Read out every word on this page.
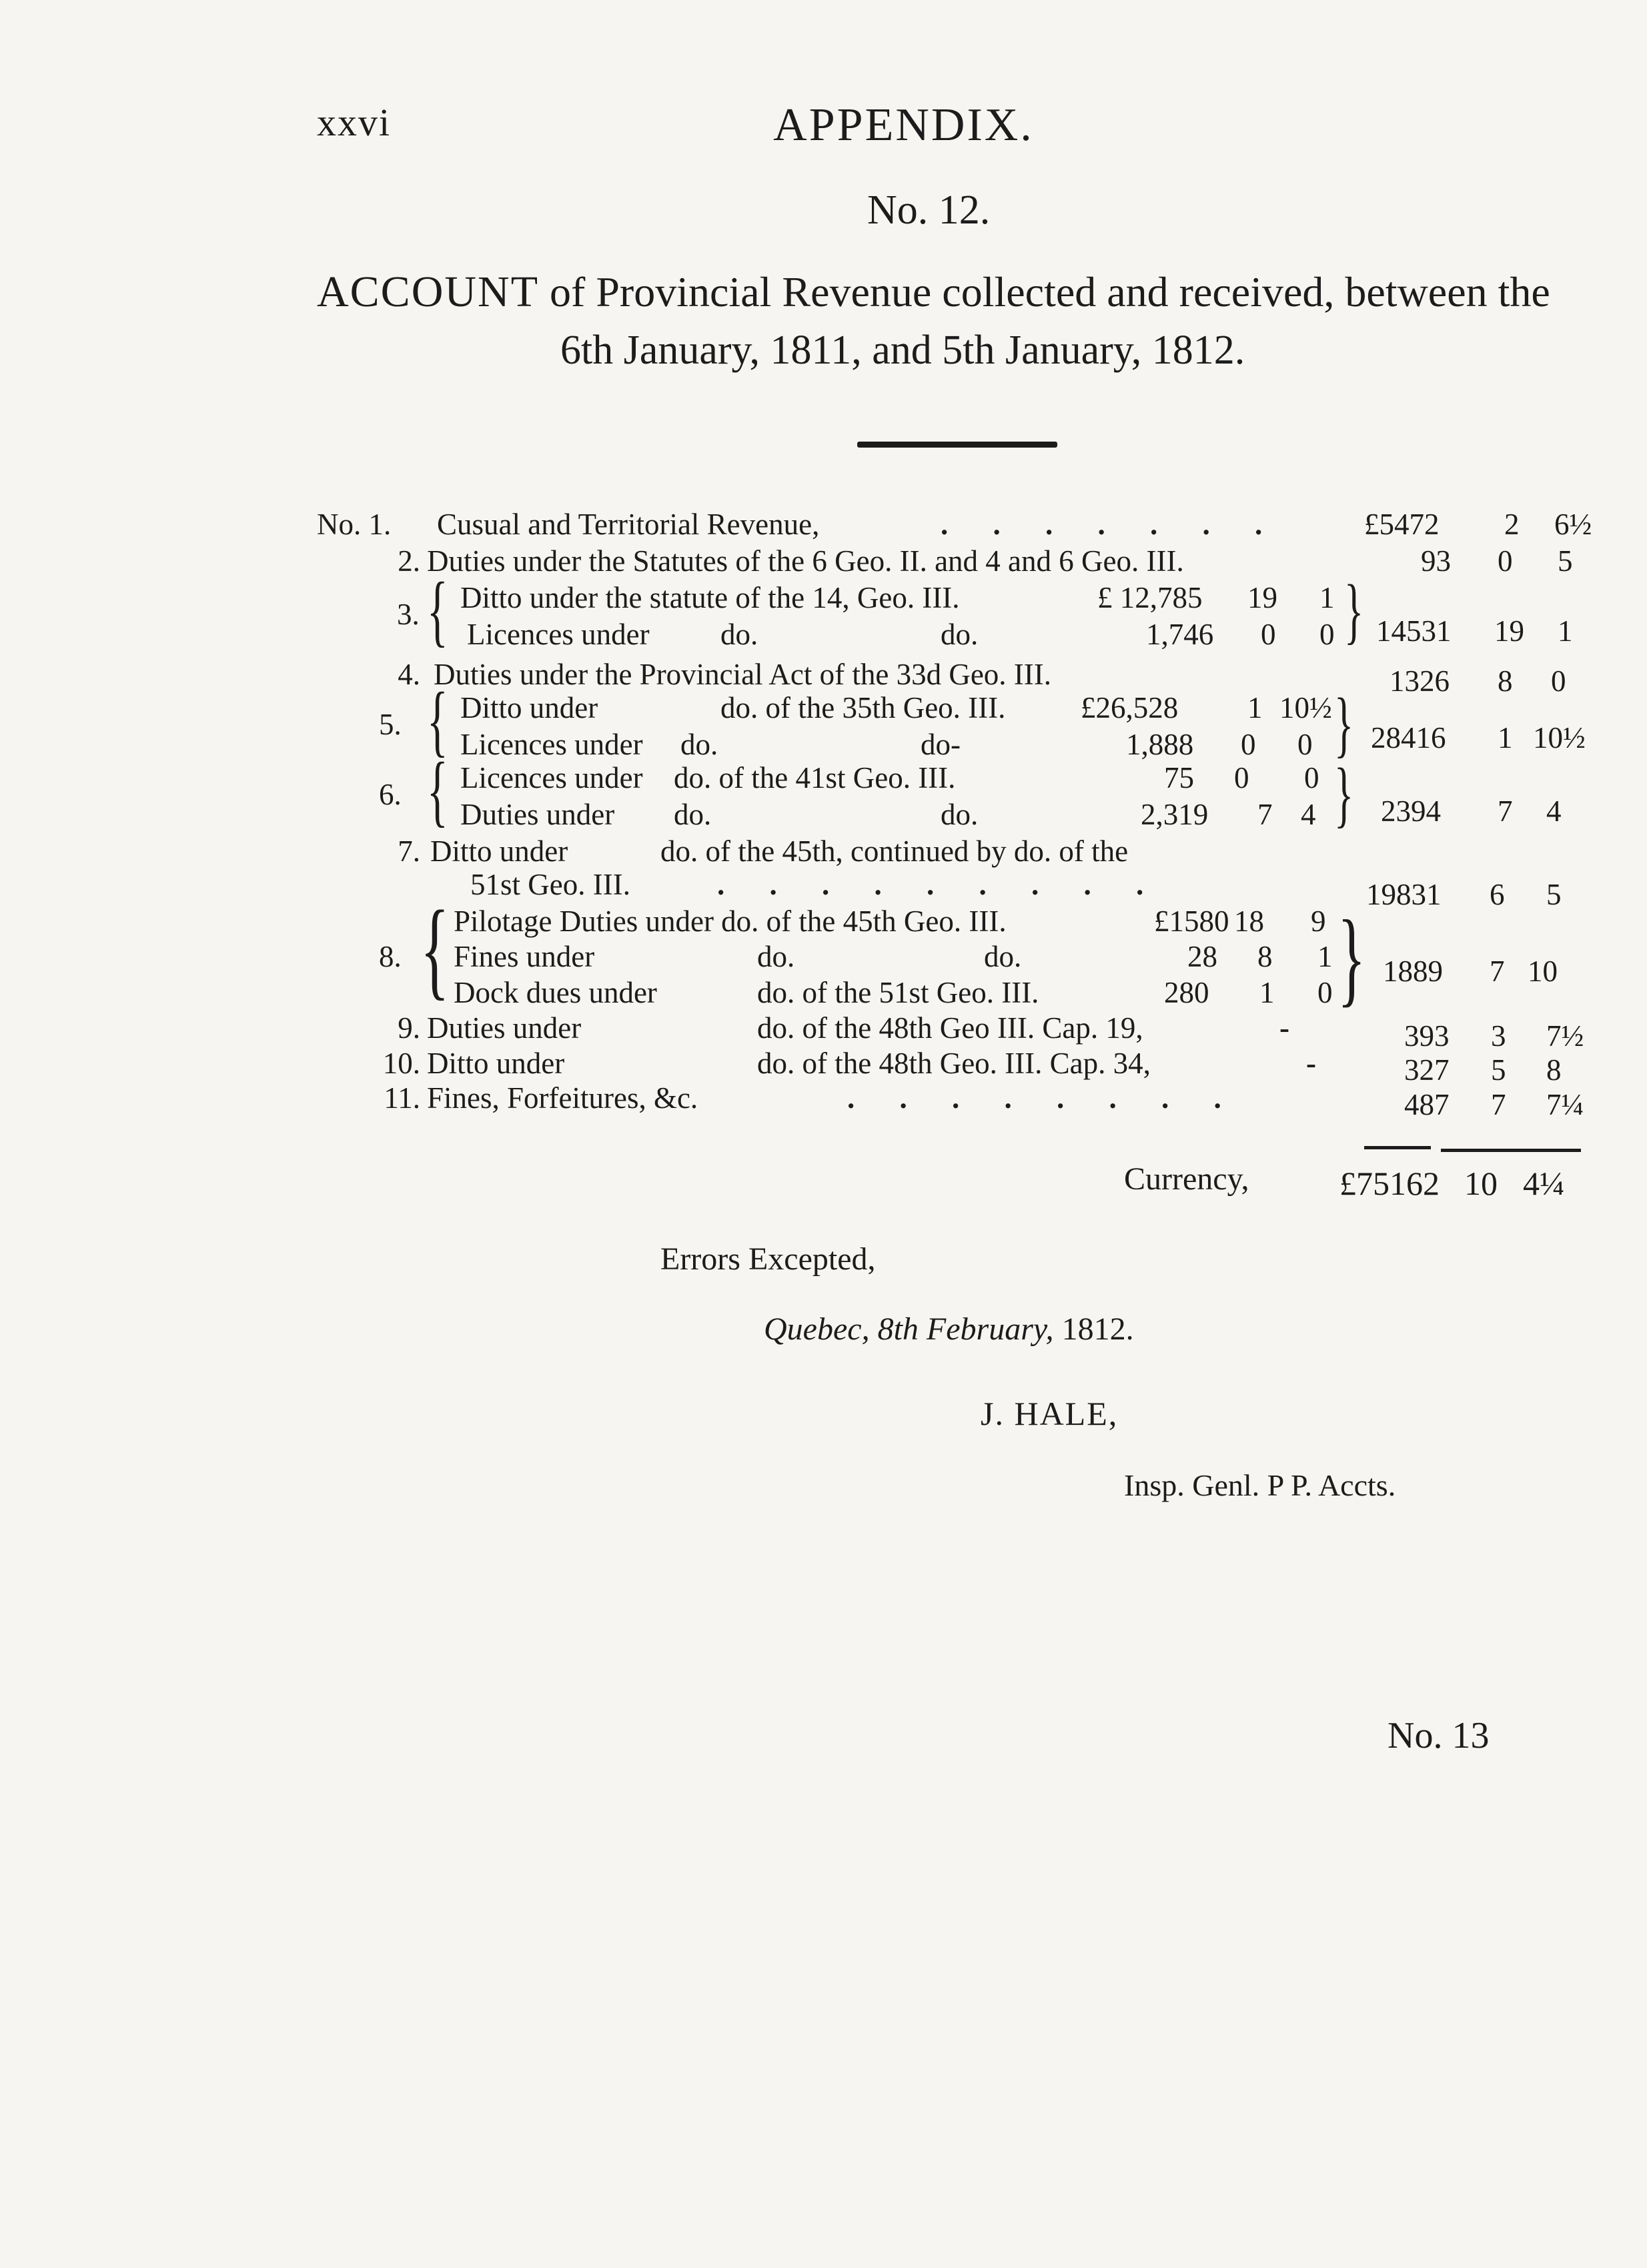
xxvi	APPENDIX.
No. 12.
ACCOUNT of Provincial Revenue collected and received, between the
6th January, 1811, and 5th January, 1812.
No. 1. Cusual and Territorial Revenue,	. . . . . . .	£5472 2 6½
2. Duties under the Statutes of the 6 Geo. II. and 4 and 6 Geo. III.	93 0 5
3. { Ditto under the statute of the 14, Geo. III.	£ 12,785 19 1
Licences under do.	do.	1,746 0 0 } 14531 19 1
4. Duties under the Provincial Act of the 33d Geo. III.	1326 8 0
5. { Ditto under	do. of the 35th Geo. III.	£26,528 1 10½
Licences under do.	do-	1,888 0 0 } 28416 1 10½
6. { Licences under do. of the 41st Geo. III.	75 0 0
Duties under do.	do.	2,319 7 4 } 2394 7 4
7. Ditto under	do. of the 45th, continued by do. of the
51st Geo. III.	. . . . . . . . .	19831 6 5
8. { Pilotage Duties under do. of the 45th Geo. III.	£1580 18 9
Fines under	do.	do.	28 8 1
Dock dues under	do. of the 51st Geo. III.	280 1 0 } 1889 7 10
9. Duties under	do. of the 48th Geo III. Cap. 19,	-	393 3 7½
10. Ditto under	do. of the 48th Geo. III. Cap. 34,	-	327 5 8
11. Fines, Forfeitures, &c.	. . . . . . . .	487 7 7¼
Currency,	£75162 10 4¼
Errors Excepted,
Quebec, 8th February, 1812.
J. HALE,
Insp. Genl. P P. Accts.
No. 13
